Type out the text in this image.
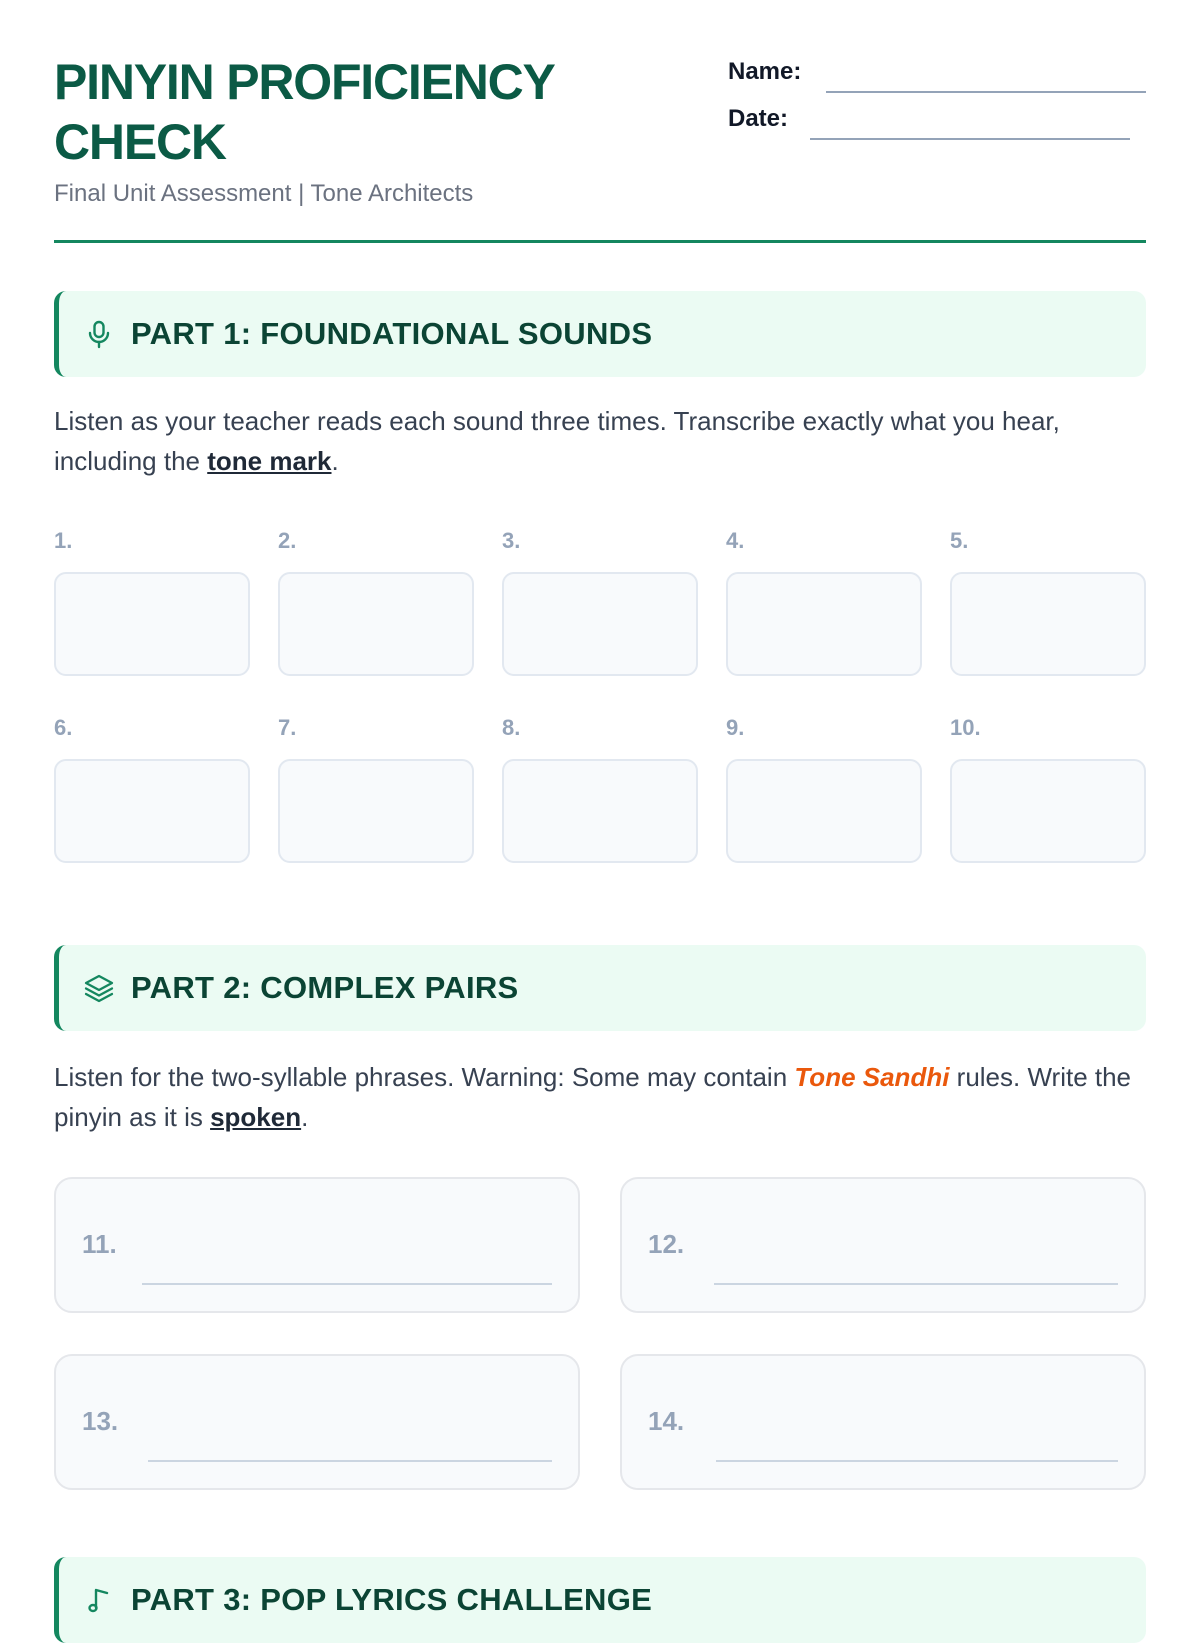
PINYIN PROFICIENCY CHECK
Final Unit Assessment | Tone Architects
Name:
Date:
PART 1: FOUNDATIONAL SOUNDS

Listen as your teacher reads each sound three times. Transcribe exactly what you hear, including the tone mark.

1.	2.	3.	4.	5.
6.	7.	8.	9.	10.
PART 2: COMPLEX PAIRS

Listen for the two-syllable phrases. Warning: Some may contain Tone Sandhi rules. Write the pinyin as it is spoken.

11.	12.
13.	14.
PART 3: POP LYRICS CHALLENGE
